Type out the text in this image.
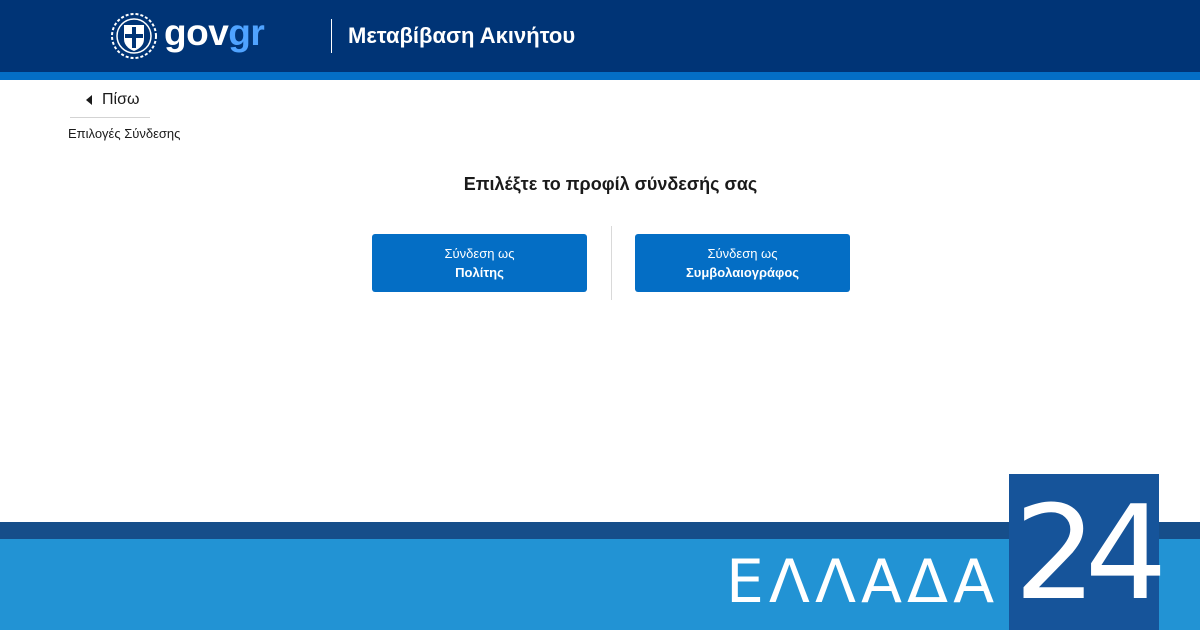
govgr	Μεταβίβαση Ακινήτου
Πίσω
Επιλογές Σύνδεσης
Επιλέξτε το προφίλ σύνδεσής σας
Σύνδεση ως
Πολίτης
Σύνδεση ως
Συμβολαιογράφος
ΕΛΛΑΔΑ 24
